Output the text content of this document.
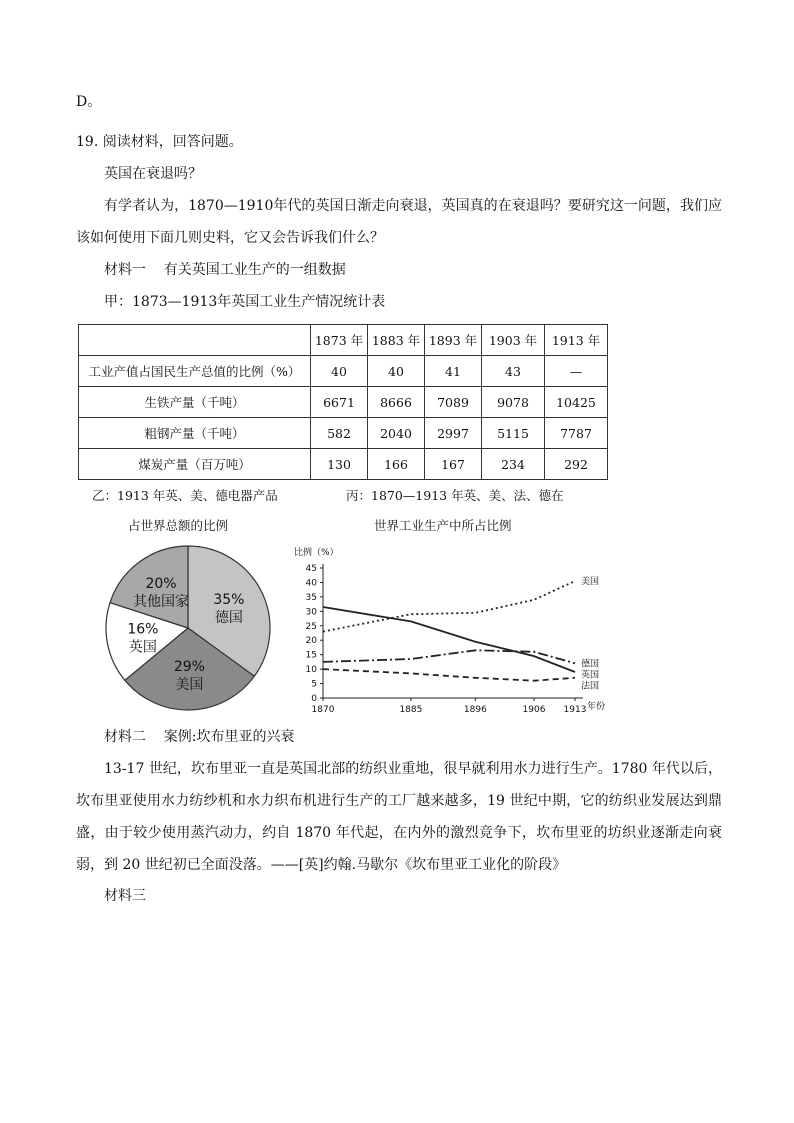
D。
19. 阅读材料，回答问题。
英国在衰退吗？
有学者认为，1870—1910年代的英国日渐走向衰退，英国真的在衰退吗？要研究这一问题，我们应该如何使用下面几则史料，它又会告诉我们什么？
材料一    有关英国工业生产的一组数据
甲：1873—1913年英国工业生产情况统计表
	1873 年	1883 年	1893 年	1903 年	1913 年
工业产值占国民生产总值的比例（%）	40	40	41	43	—
生铁产量（千吨）	6671	8666	7089	9078	10425
粗钢产量（千吨）	582	2040	2997	5115	7787
煤炭产量（百万吨）	130	166	167	234	292
乙：1913 年英、美、德电器产品
占世界总额的比例
丙：1870—1913 年英、美、法、德在
世界工业生产中所占比例
35%
德国
29%
美国
16%
英国
20%
其他国家
比例（%）
年份
0
5
10
15
20
25
30
35
40
45
1870	1885	1896	1906 1913
美国
德国
英国
法国
材料二    案例:坎布里亚的兴衰
13-17 世纪，坎布里亚一直是英国北部的纺织业重地，很早就利用水力进行生产。1780 年代以后，坎布里亚使用水力纺纱机和水力织布机进行生产的工厂越来越多，19 世纪中期，它的纺织业发展达到鼎盛，由于较少使用蒸汽动力，约自 1870 年代起，在内外的激烈竞争下，坎布里亚的坊织业逐渐走向衰弱，到 20 世纪初已全面没落。——[英]约翰.马歇尔《坎布里亚工业化的阶段》
材料三
